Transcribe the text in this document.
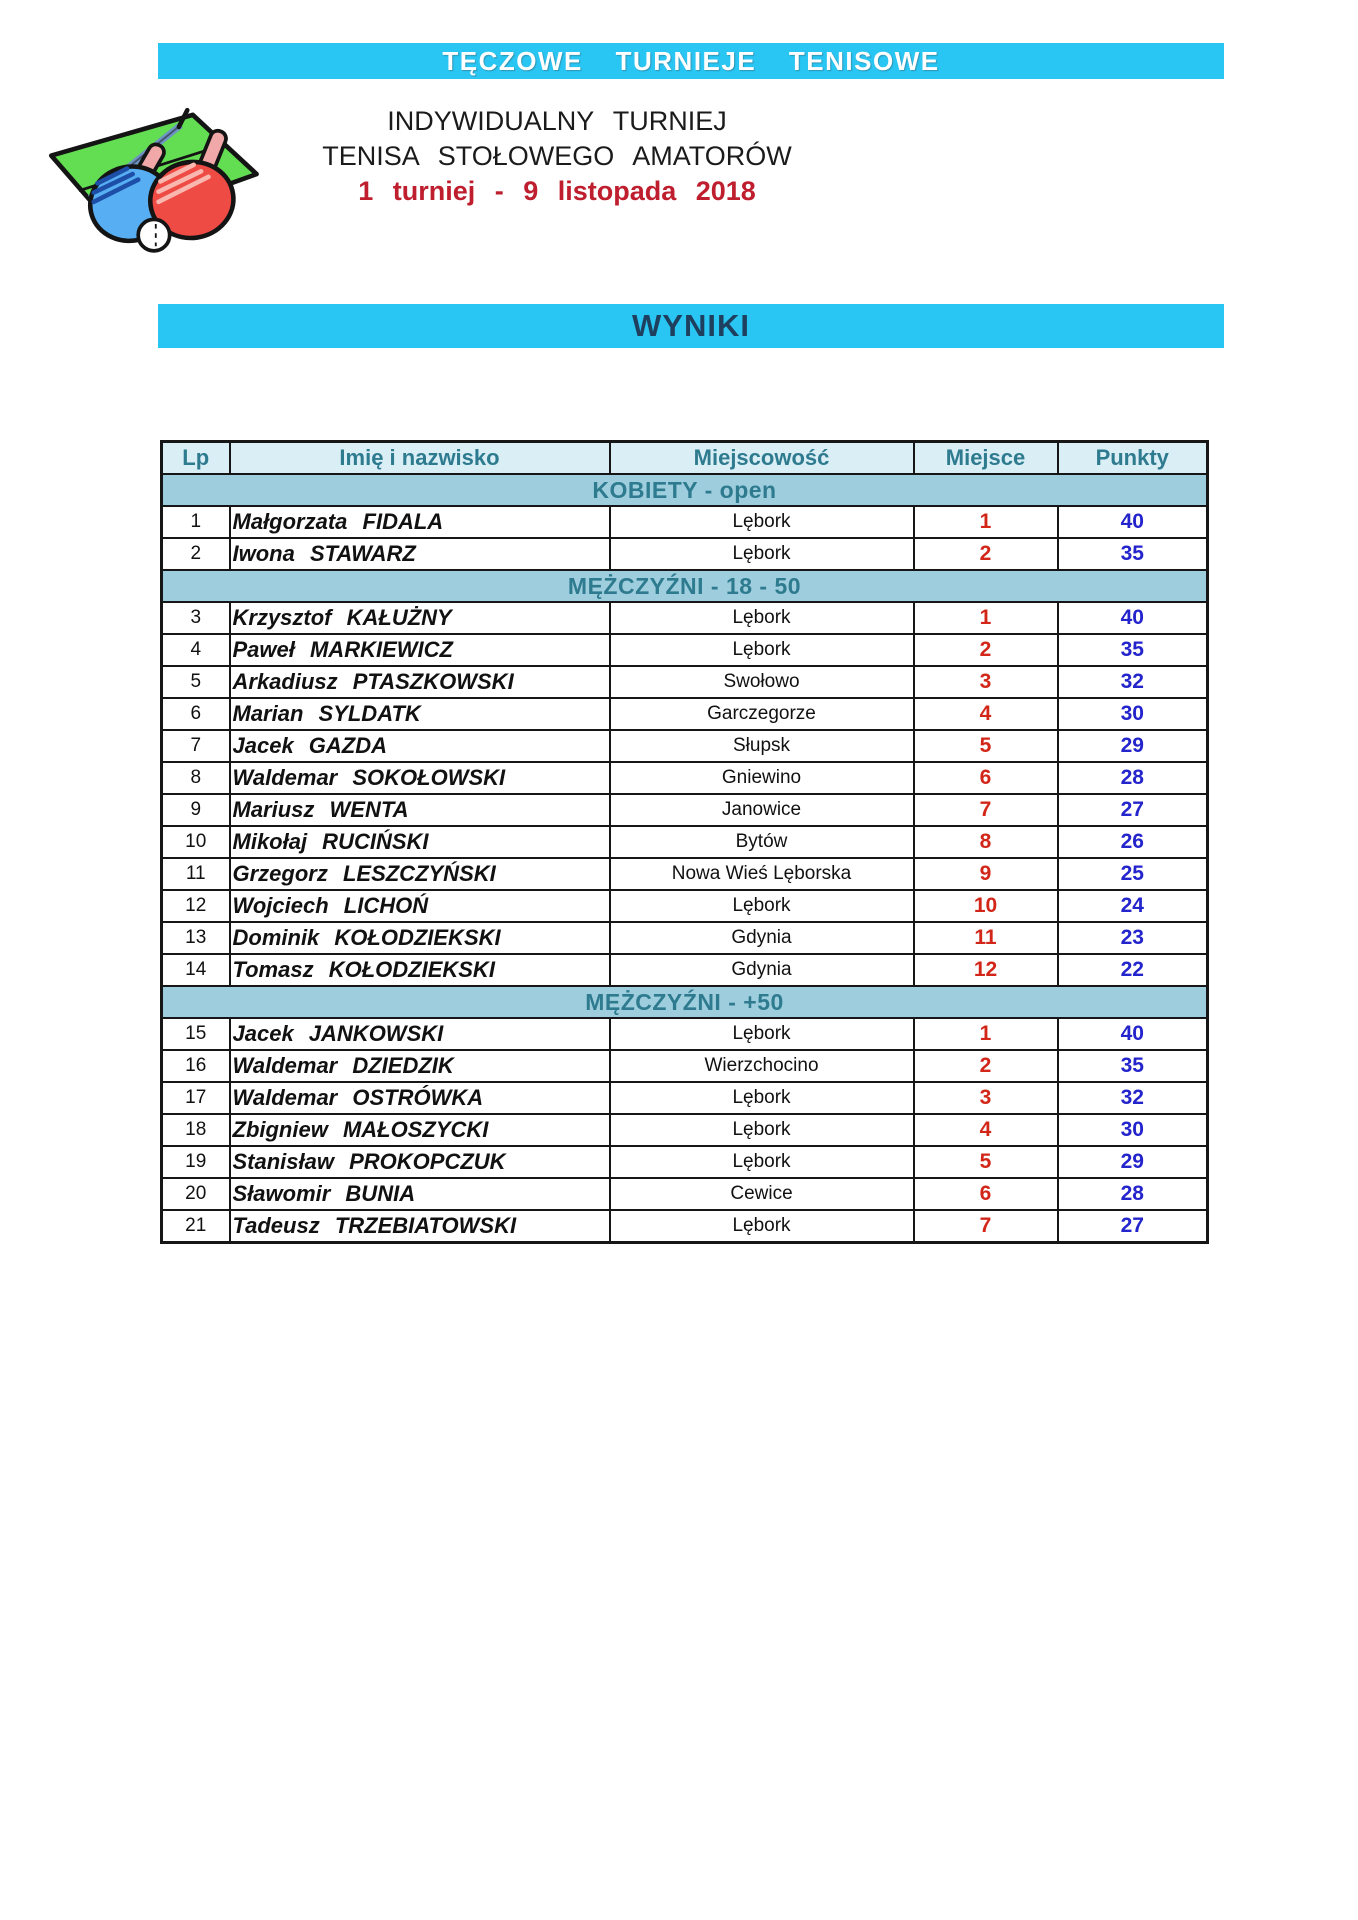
TĘCZOWE TURNIEJE TENISOWE
INDYWIDUALNY TURNIEJ
TENISA STOŁOWEGO AMATORÓW
1 turniej - 9 listopada 2018
WYNIKI
Lp	Imię i nazwisko	Miejscowość	Miejsce	Punkty
KOBIETY - open				
1	Małgorzata FIDALA	Lębork	1	40
2	Iwona STAWARZ	Lębork	2	35
MĘŻCZYŹNI - 18 - 50				
3	Krzysztof KAŁUŻNY	Lębork	1	40
4	Paweł MARKIEWICZ	Lębork	2	35
5	Arkadiusz PTASZKOWSKI	Swołowo	3	32
6	Marian SYLDATK	Garczegorze	4	30
7	Jacek GAZDA	Słupsk	5	29
8	Waldemar SOKOŁOWSKI	Gniewino	6	28
9	Mariusz WENTA	Janowice	7	27
10	Mikołaj RUCIŃSKI	Bytów	8	26
11	Grzegorz LESZCZYŃSKI	Nowa Wieś Lęborska	9	25
12	Wojciech LICHOŃ	Lębork	10	24
13	Dominik KOŁODZIEKSKI	Gdynia	11	23
14	Tomasz KOŁODZIEKSKI	Gdynia	12	22
MĘŻCZYŹNI - +50				
15	Jacek JANKOWSKI	Lębork	1	40
16	Waldemar DZIEDZIK	Wierzchocino	2	35
17	Waldemar OSTRÓWKA	Lębork	3	32
18	Zbigniew MAŁOSZYCKI	Lębork	4	30
19	Stanisław PROKOPCZUK	Lębork	5	29
20	Sławomir BUNIA	Cewice	6	28
21	Tadeusz TRZEBIATOWSKI	Lębork	7	27
